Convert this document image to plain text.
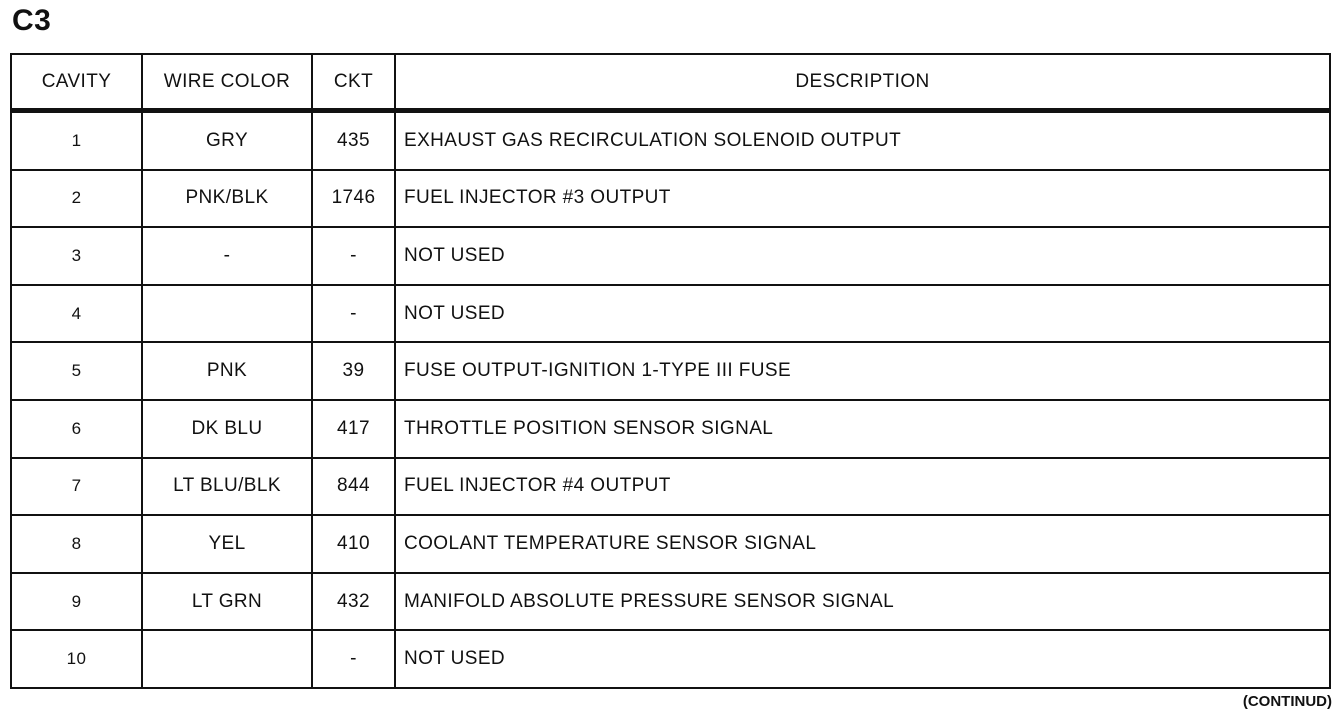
C3
CAVITY	WIRE COLOR	CKT	DESCRIPTION
1	GRY	435	EXHAUST GAS RECIRCULATION SOLENOID OUTPUT
2	PNK/BLK	1746	FUEL INJECTOR #3 OUTPUT
3	-	-	NOT USED
4		-	NOT USED
5	PNK	39	FUSE OUTPUT-IGNITION 1-TYPE III FUSE
6	DK BLU	417	THROTTLE POSITION SENSOR SIGNAL
7	LT BLU/BLK	844	FUEL INJECTOR #4 OUTPUT
8	YEL	410	COOLANT TEMPERATURE SENSOR SIGNAL
9	LT GRN	432	MANIFOLD ABSOLUTE PRESSURE SENSOR SIGNAL
10		-	NOT USED
(CONTINUD)
